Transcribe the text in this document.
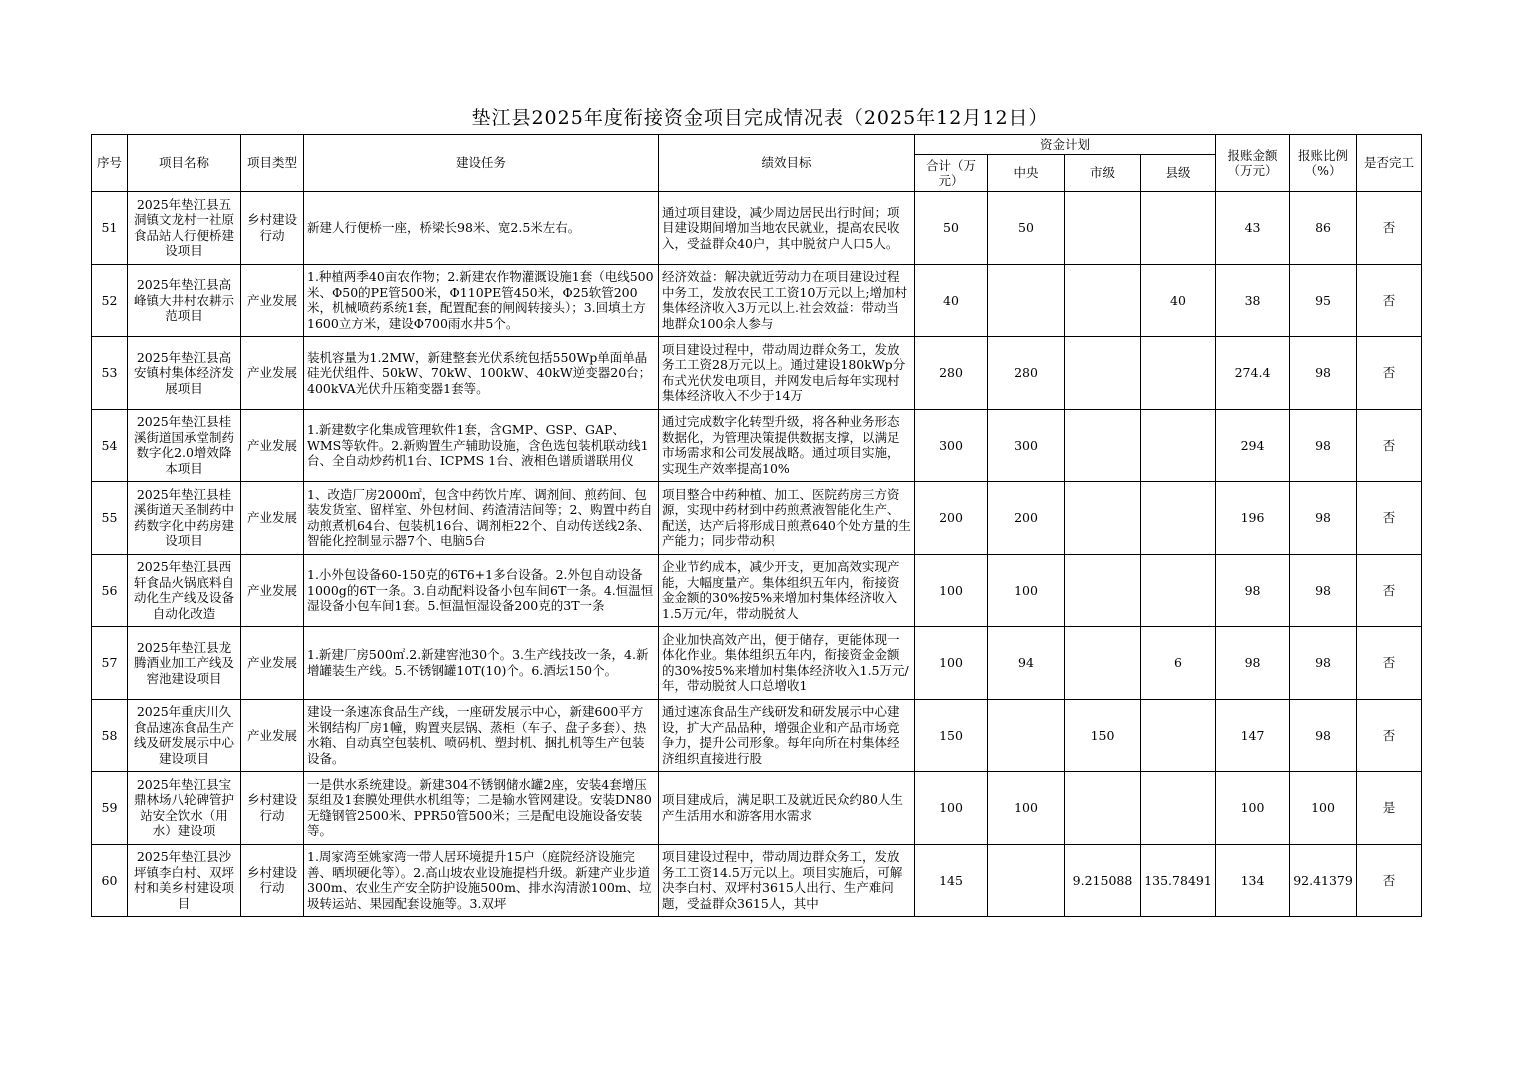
垫江县2025年度衔接资金项目完成情况表（2025年12月12日）
序号	项目名称	项目类型	建设任务	绩效目标	资金计划				报账金额（万元）	报账比例（%）	是否完工
					合计（万元）	中央	市级	县级			
51	2025年垫江县五洞镇文龙村一社原食品站人行便桥建设项目	乡村建设行动	新建人行便桥一座，桥梁长98米、宽2.5米左右。	通过项目建设，减少周边居民出行时间；项目建设期间增加当地农民就业，提高农民收入，受益群众40户，其中脱贫户人口5人。	50	50			43	86	否
52	2025年垫江县高峰镇大井村农耕示范项目	产业发展	1.种植两季40亩农作物；2.新建农作物灌溉设施1套（电线500米、Φ50的PE管500米，Φ110PE管450米，Φ25软管200米，机械喷药系统1套，配置配套的闸阀转接头）；3.回填土方1600立方米，建设Φ700雨水井5个。	经济效益：解决就近劳动力在项目建设过程中务工，发放农民工工资10万元以上;增加村集体经济收入3万元以上.社会效益：带动当地群众100余人参与	40			40	38	95	否
53	2025年垫江县高安镇村集体经济发展项目	产业发展	装机容量为1.2MW，新建整套光伏系统包括550Wp单面单晶硅光伏组件、50kW、70kW、100kW、40kW逆变器20台；400kVA光伏升压箱变器1套等。	项目建设过程中，带动周边群众务工，发放务工工资28万元以上。通过建设180kWp分布式光伏发电项目，并网发电后每年实现村集体经济收入不少于14万	280	280			274.4	98	否
54	2025年垫江县桂溪街道国承堂制药数字化2.0增效降本项目	产业发展	1.新建数字化集成管理软件1套，含GMP、GSP、GAP、WMS等软件。2.新购置生产辅助设施，含色选包装机联动线1台、全自动炒药机1台、ICPMS 1台、液相色谱质谱联用仪	通过完成数字化转型升级，将各种业务形态数据化，为管理决策提供数据支撑，以满足市场需求和公司发展战略。通过项目实施，实现生产效率提高10%	300	300			294	98	否
55	2025年垫江县桂溪街道天圣制药中药数字化中药房建设项目	产业发展	1、改造厂房2000㎡，包含中药饮片库、调剂间、煎药间、包装发货室、留样室、外包材间、药渣清洁间等；2、购置中药自动煎煮机64台、包装机16台、调剂柜22个、自动传送线2条、智能化控制显示器7个、电脑5台	项目整合中药种植、加工、医院药房三方资源，实现中药材到中药煎煮液智能化生产、配送，达产后将形成日煎煮640个处方量的生产能力；同步带动积	200	200			196	98	否
56	2025年垫江县西轩食品火锅底料自动化生产线及设备自动化改造	产业发展	1.小外包设备60-150克的6T6+1多台设备。2.外包自动设备1000g的6T一条。3.自动配料设备小包车间6T一条。4.恒温恒湿设备小包车间1套。5.恒温恒湿设备200克的3T一条	企业节约成本，减少开支，更加高效实现产能，大幅度量产。集体组织五年内，衔接资金金额的30%按5%来增加村集体经济收入1.5万元/年，带动脱贫人	100	100			98	98	否
57	2025年垫江县龙腾酒业加工产线及窖池建设项目	产业发展	1.新建厂房500㎡.2.新建窖池30个。3.生产线技改一条，4.新增罐装生产线。5.不锈钢罐10T(10)个。6.酒坛150个。	企业加快高效产出，便于储存，更能体现一体化作业。集体组织五年内，衔接资金金额的30%按5%来增加村集体经济收入1.5万元/年，带动脱贫人口总增收1	100	94		6	98	98	否
58	2025年重庆川久食品速冻食品生产线及研发展示中心建设项目	产业发展	建设一条速冻食品生产线，一座研发展示中心，新建600平方米钢结构厂房1幢，购置夹层锅、蒸柜（车子、盘子多套）、热水箱、自动真空包装机、喷码机、塑封机、捆扎机等生产包装设备。	通过速冻食品生产线研发和研发展示中心建设，扩大产品品种，增强企业和产品市场竞争力，提升公司形象。每年向所在村集体经济组织直接进行股	150		150		147	98	否
59	2025年垫江县宝鼎林场八轮碑管护站安全饮水（用水）建设项	乡村建设行动	一是供水系统建设。新建304不锈钢储水罐2座，安装4套增压泵组及1套膜处理供水机组等；二是输水管网建设。安装DN80无缝钢管2500米、PPR50管500米；三是配电设施设备安装等。	项目建成后，满足职工及就近民众约80人生产生活用水和游客用水需求	100	100			100	100	是
60	2025年垫江县沙坪镇李白村、双坪村和美乡村建设项目	乡村建设行动	1.周家湾至姚家湾一带人居环境提升15户（庭院经济设施完善、晒坝硬化等）。2.高山坡农业设施提档升级。新建产业步道300m、农业生产安全防护设施500m、排水沟清淤100m、垃圾转运站、果园配套设施等。3.双坪	项目建设过程中，带动周边群众务工，发放务工工资14.5万元以上。项目实施后，可解决李白村、双坪村3615人出行、生产难问题，受益群众3615人，其中	145		9.215088	135.78491	134	92.41379	否
